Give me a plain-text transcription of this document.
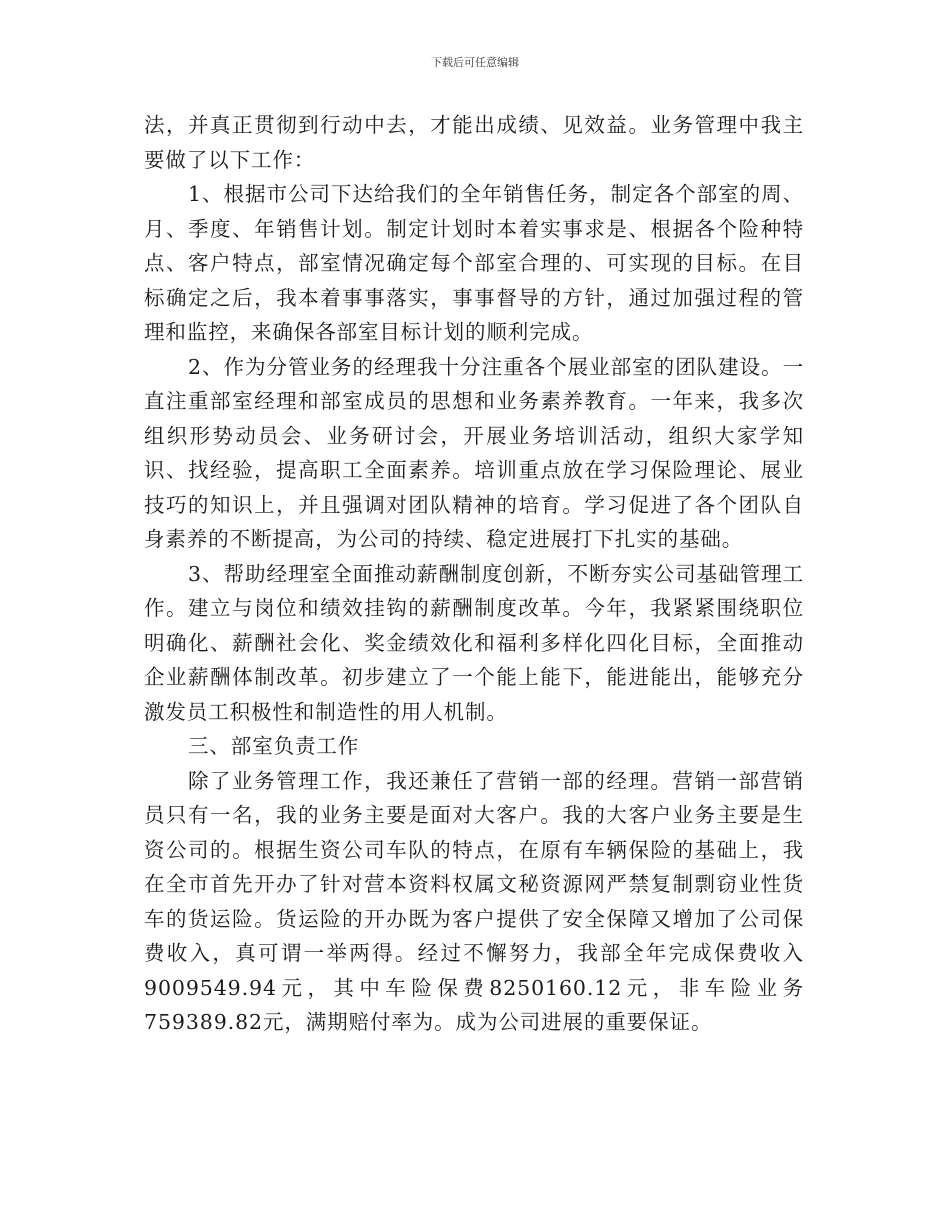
下载后可任意编辑

法，并真正贯彻到行动中去，才能出成绩、见效益。业务管理中我主要做了以下工作：

1、根据市公司下达给我们的全年销售任务，制定各个部室的周、月、季度、年销售计划。制定计划时本着实事求是、根据各个险种特点、客户特点，部室情况确定每个部室合理的、可实现的目标。在目标确定之后，我本着事事落实，事事督导的方针，通过加强过程的管理和监控，来确保各部室目标计划的顺利完成。

2、作为分管业务的经理我十分注重各个展业部室的团队建设。一直注重部室经理和部室成员的思想和业务素养教育。一年来，我多次组织形势动员会、业务研讨会，开展业务培训活动，组织大家学知识、找经验，提高职工全面素养。培训重点放在学习保险理论、展业技巧的知识上，并且强调对团队精神的培育。学习促进了各个团队自身素养的不断提高，为公司的持续、稳定进展打下扎实的基础。

3、帮助经理室全面推动薪酬制度创新，不断夯实公司基础管理工作。建立与岗位和绩效挂钩的薪酬制度改革。今年，我紧紧围绕职位明确化、薪酬社会化、奖金绩效化和福利多样化四化目标，全面推动企业薪酬体制改革。初步建立了一个能上能下，能进能出，能够充分激发员工积极性和制造性的用人机制。

三、部室负责工作

除了业务管理工作，我还兼任了营销一部的经理。营销一部营销员只有一名，我的业务主要是面对大客户。我的大客户业务主要是生资公司的。根据生资公司车队的特点，在原有车辆保险的基础上，我在全市首先开办了针对营本资料权属文秘资源网严禁复制剽窃业性货车的货运险。货运险的开办既为客户提供了安全保障又增加了公司保费收入，真可谓一举两得。经过不懈努力，我部全年完成保费收入9009549.94元，其中车险保费8250160.12元，非车险业务759389.82元，满期赔付率为。成为公司进展的重要保证。
